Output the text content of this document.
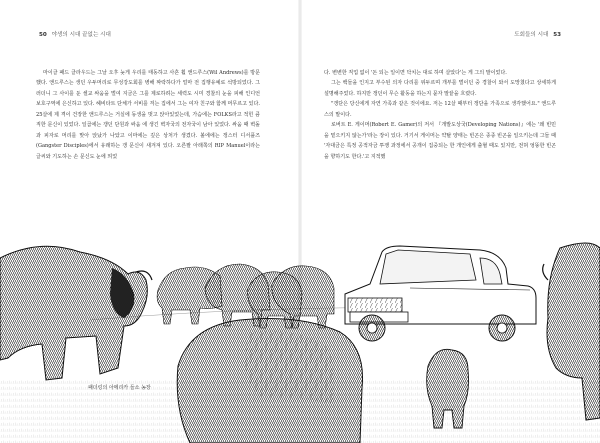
50 야생의 시대 끝없는 시대

마이클 패드 클라우드는 그날 오후 늦게 우리를 태동하고 사흔 휠 앤드루스(Wil Andrews)를 방문했다. 앤드루스는 생던 우두머리로 무성강도회를 병해 짜락하다가 얼마 전 집행유예로 석방되었다. 그러더니 그 사이를 둔 셀교 싸움을 벌여 지금은 그를 제로하려는 세력도 시미 경찰의 눈을 피해 인디언 보호구역에 은신하고 있다. 헤비타트 단체가 서비를 걱는 집에서 그는 여자 친구와 함께 머무르고 있다. 25살에 제 격이 건장한 앤드루스는 거실에 동생을 벗고 앉아있었는데, 가슴에는 FOLKS라고 적힌 큼직한 문신이 있었다. 일곱에는 갱던 단원과 싸움 에 생긴 벽자국의 전자국이 남아 있었다. 싸움 때 벽돌과 피자로 머리를 맞아 앉났가 나았고 이마에는 깊은 상처가 생겼다. 볼에에는 갱스터 디서플즈(Gangster Disciples)에서 유래하는 갱 문신이 새겨져 있다. 오른팔 아래쪽의 RIP Manuel이라는 글씨와 기도하는 손 문신도 눈에 띄었

도회들의 시대 53

다. 변변한 직업 없이 '돈 되는 일이면 닥치는 대로 하며 살았다'는 게 그의 말이었다.

그는 백들을 인지고 부수된 의자 다리를 위두르며 개부를 벌이던 중 경찰이 와서 도망쳤다고 상세하게 설명해주었다. 하지만 갱던이 무슨 활동을 하는지 묻자 말끝을 흐렸다.

"갱단은 당신에게 자연 가족과 같은 것이에요. 저는 12살 때부터 갱단을 가족으로 생각했어요." 앤드루스의 말이다.

로버트 E. 게이머(Robert E. Gamer)의 저서 『개발도상국(Developing Nations)』에는 '왜 빈민을 밑으키지 않는가'라는 장이 있다. 거기서 게이머는 약탈 양태는 빈곤은 종종 빈곤을 일으키는데 그들 때 '자대금은 특정 공적자금 투쟁 과정에서 공개이 집중되는 한 개인에게 출혈 때도 있지만, 전혀 엉뚱한 빈곤을 향하기도 한다.'고 지적했

패더링의 아메리카 들소 농장
